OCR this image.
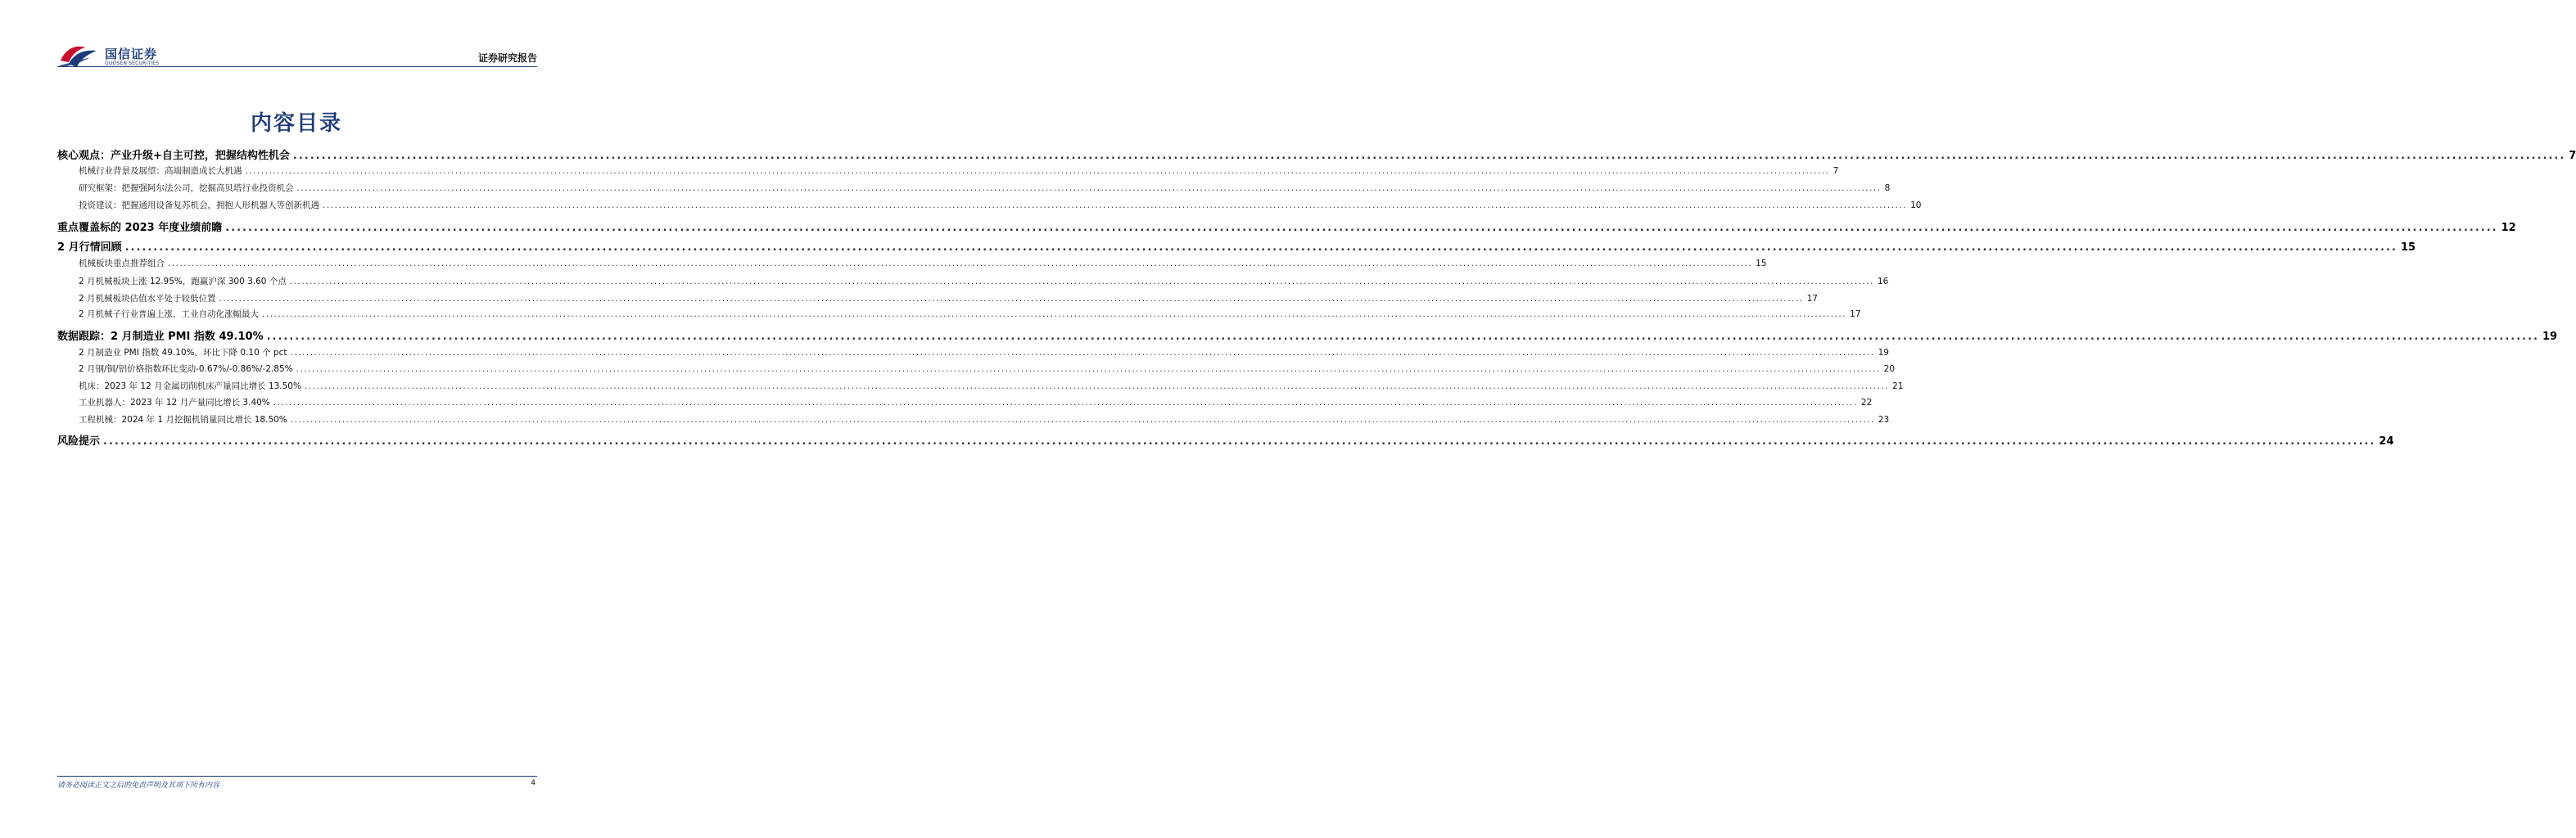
国信证券
GUOSEN SECURITIES	证券研究报告
内容目录
核心观点：产业升级+自主可控，把握结构性机会 ................................................................................................................................................................................................................................................................................................................................................................................................................ 7
机械行业背景及展望：高端制造成长大机遇 ................................................................................................................................................................................................................................................................................................................................................................................................................ 7
研究框架：把握强阿尔法公司，挖掘高贝塔行业投资机会 ................................................................................................................................................................................................................................................................................................................................................................................................................ 8
投资建议：把握通用设备复苏机会，拥抱人形机器人等创新机遇 ................................................................................................................................................................................................................................................................................................................................................................................................................ 10
重点覆盖标的 2023 年度业绩前瞻 ................................................................................................................................................................................................................................................................................................................................................................................................................ 12
2 月行情回顾 ................................................................................................................................................................................................................................................................................................................................................................................................................ 15
机械板块重点推荐组合 ................................................................................................................................................................................................................................................................................................................................................................................................................ 15
2 月机械板块上涨 12.95%，跑赢沪深 300 3.60 个点 ................................................................................................................................................................................................................................................................................................................................................................................................................ 16
2 月机械板块估值水平处于较低位置 ................................................................................................................................................................................................................................................................................................................................................................................................................ 17
2 月机械子行业普遍上涨，工业自动化涨幅最大 ................................................................................................................................................................................................................................................................................................................................................................................................................ 17
数据跟踪：2 月制造业 PMI 指数 49.10% ................................................................................................................................................................................................................................................................................................................................................................................................................ 19
2 月制造业 PMI 指数 49.10%，环比下降 0.10 个 pct ................................................................................................................................................................................................................................................................................................................................................................................................................ 19
2 月钢/铜/铝价格指数环比变动-0.67%/-0.86%/-2.85% ................................................................................................................................................................................................................................................................................................................................................................................................................ 20
机床：2023 年 12 月金属切削机床产量同比增长 13.50% ................................................................................................................................................................................................................................................................................................................................................................................................................ 21
工业机器人：2023 年 12 月产量同比增长 3.40% ................................................................................................................................................................................................................................................................................................................................................................................................................ 22
工程机械：2024 年 1 月挖掘机销量同比增长 18.50% ................................................................................................................................................................................................................................................................................................................................................................................................................ 23
风险提示 ................................................................................................................................................................................................................................................................................................................................................................................................................ 24
请务必阅读正文之后的免责声明及其项下所有内容	4
